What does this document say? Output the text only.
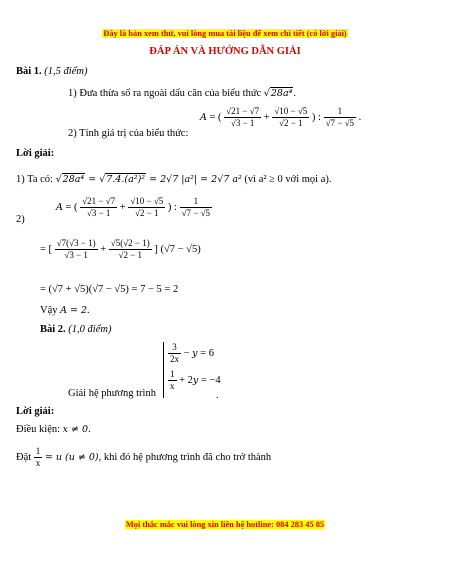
Đây là bản xem thử, vui lòng mua tài liệu để xem chi tiết (có lời giải)
ĐÁP ÁN VÀ HƯỚNG DẪN GIẢI
Bài 1. (1,5 điểm)
1) Đưa thừa số ra ngoài dấu căn của biểu thức √28a⁴.
A = ( $\frac{√21 - √7}{√3 - 1} + \frac{√10 - √5}{√2 - 1}$ ) : $\frac{1}{√7 - √5}$ .
2) Tính giá trị của biểu thức:
Lời giải:
1) Ta có: √28a⁴ = √7.4.(a²)² = 2√7 |a²| = 2√7 a² (vì a² ≥ 0 với mọi a).
2)
A = ( $\frac{√21 - √7}{√3 - 1} + \frac{√10 - √5}{√2 - 1}$ ) : $\frac{1}{√7 - √5}$
= [ $\frac{√7(√3 - 1)}{√3 - 1} + \frac{√5(√2 - 1)}{√2 - 1}$ ] (√7 − √5)
= (√7 + √5)(√7 − √5) = 7 − 5 = 2
Vậy A = 2.
Bài 2. (1,0 điểm)
$\frac{3}{2x} - y = 6$
$\frac{1}{x} + 2y = -4$
Giải hệ phương trình	.
Lời giải:
Điều kiện: x ≠ 0.
Đặt $\frac{1}{x} = u$ (u ≠ 0), khi đó hệ phương trình đã cho trở thành
Mọi thắc mắc vui lòng xin liên hệ hotline: 084 283 45 85
